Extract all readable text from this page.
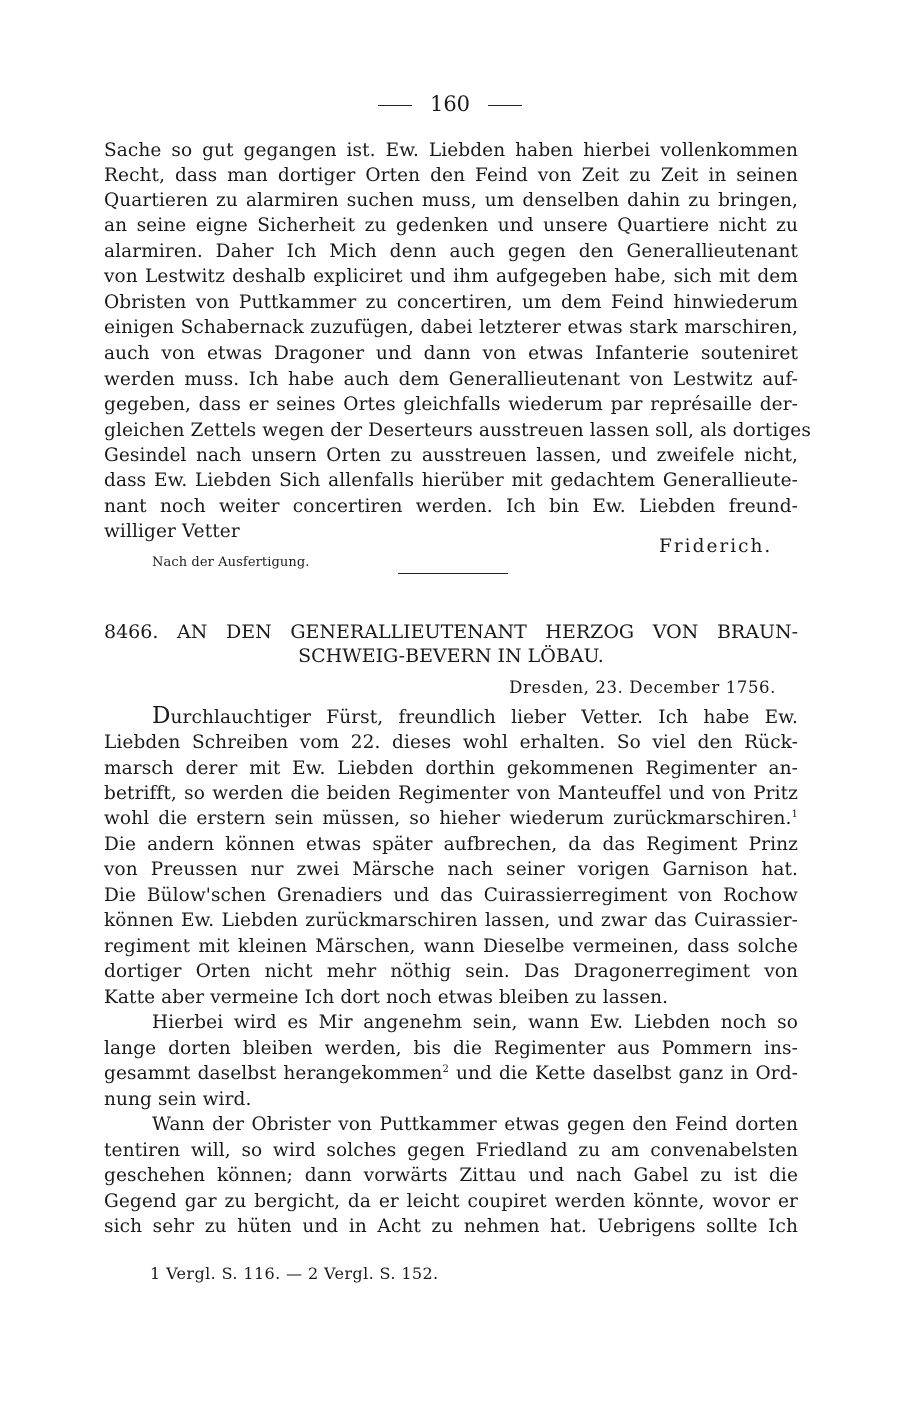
160
Sache so gut gegangen ist. Ew. Liebden haben hierbei vollenkommen
Recht, dass man dortiger Orten den Feind von Zeit zu Zeit in seinen
Quartieren zu alarmiren suchen muss, um denselben dahin zu bringen,
an seine eigne Sicherheit zu gedenken und unsere Quartiere nicht zu
alarmiren. Daher Ich Mich denn auch gegen den Generallieutenant
von Lestwitz deshalb expliciret und ihm aufgegeben habe, sich mit dem
Obristen von Puttkammer zu concertiren, um dem Feind hinwiederum
einigen Schabernack zuzufügen, dabei letzterer etwas stark marschiren,
auch von etwas Dragoner und dann von etwas Infanterie souteniret
werden muss. Ich habe auch dem Generallieutenant von Lestwitz auf-
gegeben, dass er seines Ortes gleichfalls wiederum par représaille der-
gleichen Zettels wegen der Deserteurs ausstreuen lassen soll, als dortiges
Gesindel nach unsern Orten zu ausstreuen lassen, und zweifele nicht,
dass Ew. Liebden Sich allenfalls hierüber mit gedachtem Generallieute-
nant noch weiter concertiren werden. Ich bin Ew. Liebden freund-
williger Vetter
Friderich.
Nach der Ausfertigung.
8466. AN DEN GENERALLIEUTENANT HERZOG VON BRAUN-
SCHWEIG-BEVERN IN LÖBAU.
Dresden, 23. December 1756.
Durchlauchtiger Fürst, freundlich lieber Vetter. Ich habe Ew.
Liebden Schreiben vom 22. dieses wohl erhalten. So viel den Rück-
marsch derer mit Ew. Liebden dorthin gekommenen Regimenter an-
betrifft, so werden die beiden Regimenter von Manteuffel und von Pritz
wohl die erstern sein müssen, so hieher wiederum zurückmarschiren.$^1$
Die andern können etwas später aufbrechen, da das Regiment Prinz
von Preussen nur zwei Märsche nach seiner vorigen Garnison hat.
Die Bülow'schen Grenadiers und das Cuirassierregiment von Rochow
können Ew. Liebden zurückmarschiren lassen, und zwar das Cuirassier-
regiment mit kleinen Märschen, wann Dieselbe vermeinen, dass solche
dortiger Orten nicht mehr nöthig sein. Das Dragonerregiment von
Katte aber vermeine Ich dort noch etwas bleiben zu lassen.
Hierbei wird es Mir angenehm sein, wann Ew. Liebden noch so
lange dorten bleiben werden, bis die Regimenter aus Pommern ins-
gesammt daselbst herangekommen$^2$ und die Kette daselbst ganz in Ord-
nung sein wird.
Wann der Obrister von Puttkammer etwas gegen den Feind dorten
tentiren will, so wird solches gegen Friedland zu am convenabelsten
geschehen können; dann vorwärts Zittau und nach Gabel zu ist die
Gegend gar zu bergicht, da er leicht coupiret werden könnte, wovor er
sich sehr zu hüten und in Acht zu nehmen hat. Uebrigens sollte Ich
1 Vergl. S. 116. — 2 Vergl. S. 152.
